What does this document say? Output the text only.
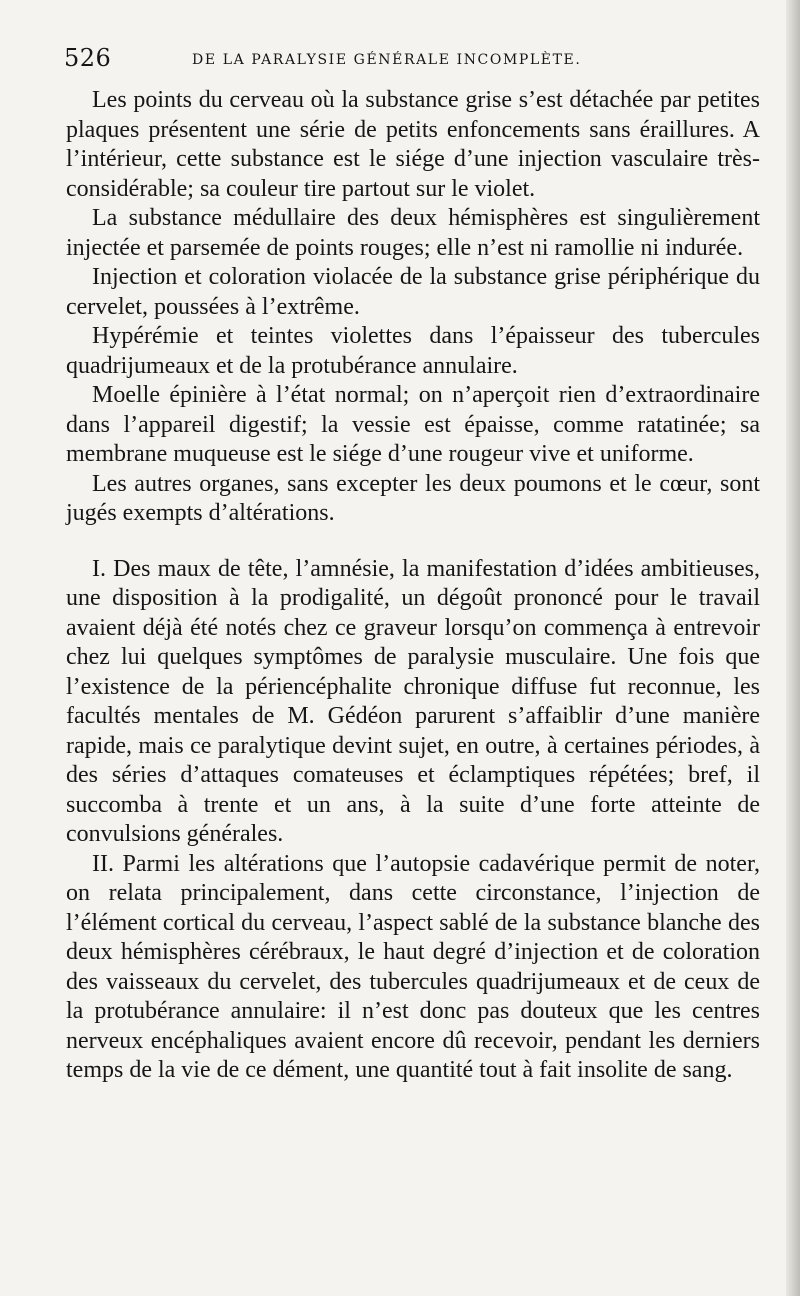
526	DE LA PARALYSIE GÉNÉRALE INCOMPLÈTE.

Les points du cerveau où la substance grise s’est détachée par petites plaques présentent une série de petits enfoncements sans éraillures. A l’intérieur, cette substance est le siége d’une injection vasculaire très-considérable; sa couleur tire partout sur le violet.

La substance médullaire des deux hémisphères est singulièrement injectée et parsemée de points rouges; elle n’est ni ramollie ni indurée.

Injection et coloration violacée de la substance grise périphérique du cervelet, poussées à l’extrême.

Hypérémie et teintes violettes dans l’épaisseur des tubercules quadrijumeaux et de la protubérance annulaire.

Moelle épinière à l’état normal; on n’aperçoit rien d’extraordinaire dans l’appareil digestif; la vessie est épaisse, comme ratatinée; sa membrane muqueuse est le siége d’une rougeur vive et uniforme.

Les autres organes, sans excepter les deux poumons et le cœur, sont jugés exempts d’altérations.

I. Des maux de tête, l’amnésie, la manifestation d’idées ambitieuses, une disposition à la prodigalité, un dégoût prononcé pour le travail avaient déjà été notés chez ce graveur lorsqu’on commença à entrevoir chez lui quelques symptômes de paralysie musculaire. Une fois que l’existence de la périencéphalite chronique diffuse fut reconnue, les facultés mentales de M. Gédéon parurent s’affaiblir d’une manière rapide, mais ce paralytique devint sujet, en outre, à certaines périodes, à des séries d’attaques comateuses et éclamptiques répétées; bref, il succomba à trente et un ans, à la suite d’une forte atteinte de convulsions générales.

II. Parmi les altérations que l’autopsie cadavérique permit de noter, on relata principalement, dans cette circonstance, l’injection de l’élément cortical du cerveau, l’aspect sablé de la substance blanche des deux hémisphères cérébraux, le haut degré d’injection et de coloration des vaisseaux du cervelet, des tubercules quadrijumeaux et de ceux de la protubérance annulaire: il n’est donc pas douteux que les centres nerveux encéphaliques avaient encore dû recevoir, pendant les derniers temps de la vie de ce dément, une quantité tout à fait insolite de sang.
